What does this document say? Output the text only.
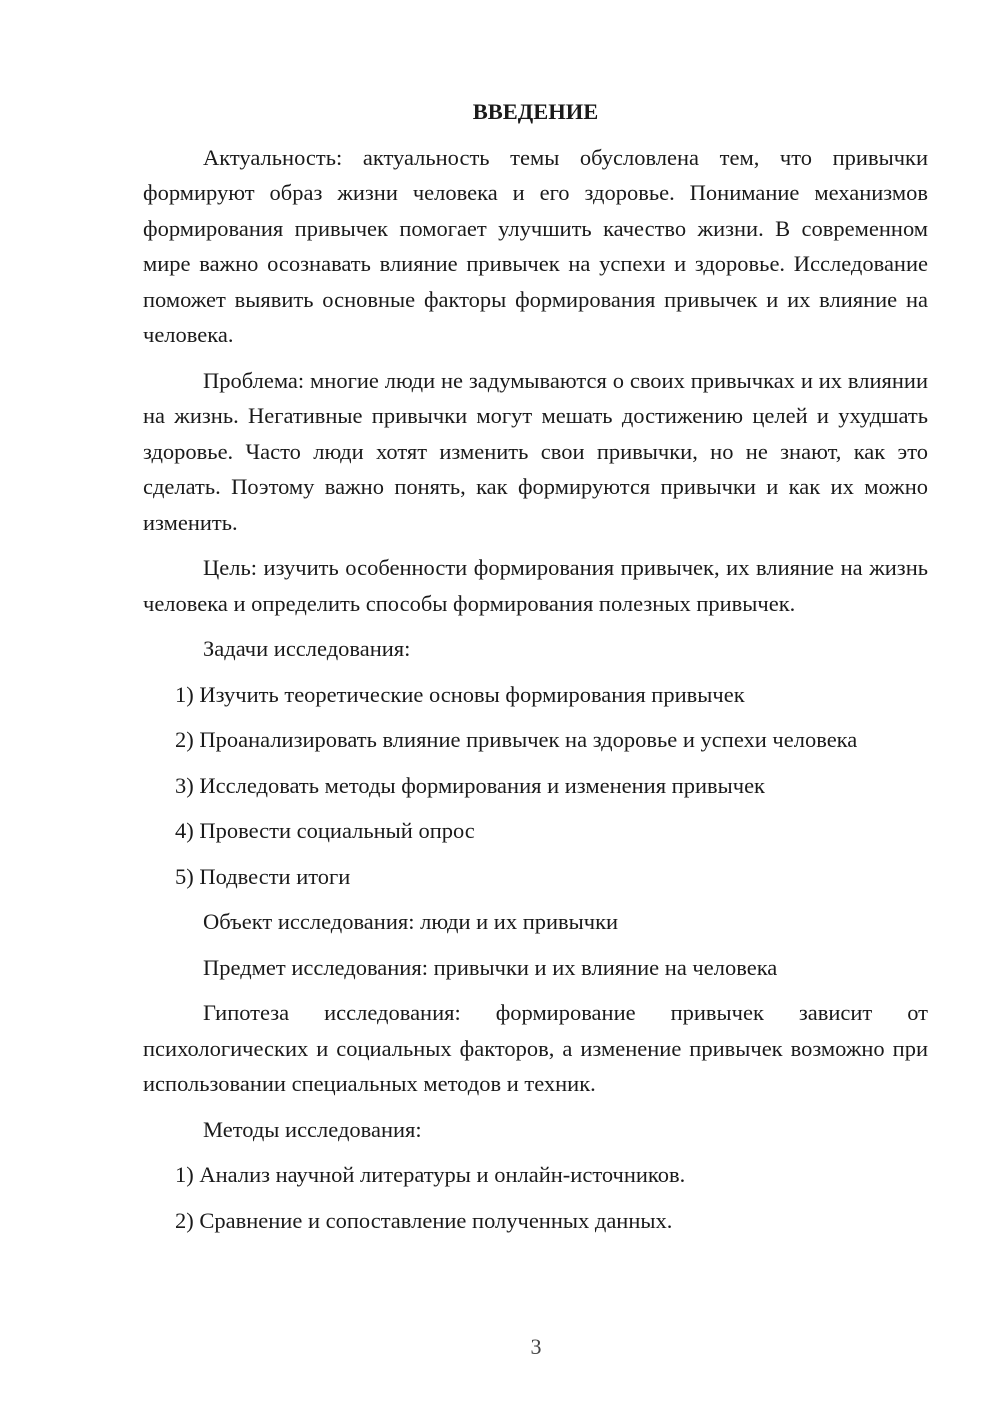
ВВЕДЕНИЕ

Актуальность: актуальность темы обусловлена тем, что привычки формируют образ жизни человека и его здоровье. Понимание механизмов формирования привычек помогает улучшить качество жизни. В современном мире важно осознавать влияние привычек на успехи и здоровье. Исследование поможет выявить основные факторы формирования привычек и их влияние на человека.

Проблема: многие люди не задумываются о своих привычках и их влиянии на жизнь. Негативные привычки могут мешать достижению целей и ухудшать здоровье. Часто люди хотят изменить свои привычки, но не знают, как это сделать. Поэтому важно понять, как формируются привычки и как их можно изменить.

Цель: изучить особенности формирования привычек, их влияние на жизнь человека и определить способы формирования полезных привычек.

Задачи исследования:

1) Изучить теоретические основы формирования привычек

2) Проанализировать влияние привычек на здоровье и успехи человека

3) Исследовать методы формирования и изменения привычек

4) Провести социальный опрос

5) Подвести итоги

Объект исследования: люди и их привычки

Предмет исследования: привычки и их влияние на человека

Гипотеза исследования: формирование привычек зависит от психологических и социальных факторов, а изменение привычек возможно при использовании специальных методов и техник.

Методы исследования:

1) Анализ научной литературы и онлайн-источников.

2) Сравнение и сопоставление полученных данных.

3
